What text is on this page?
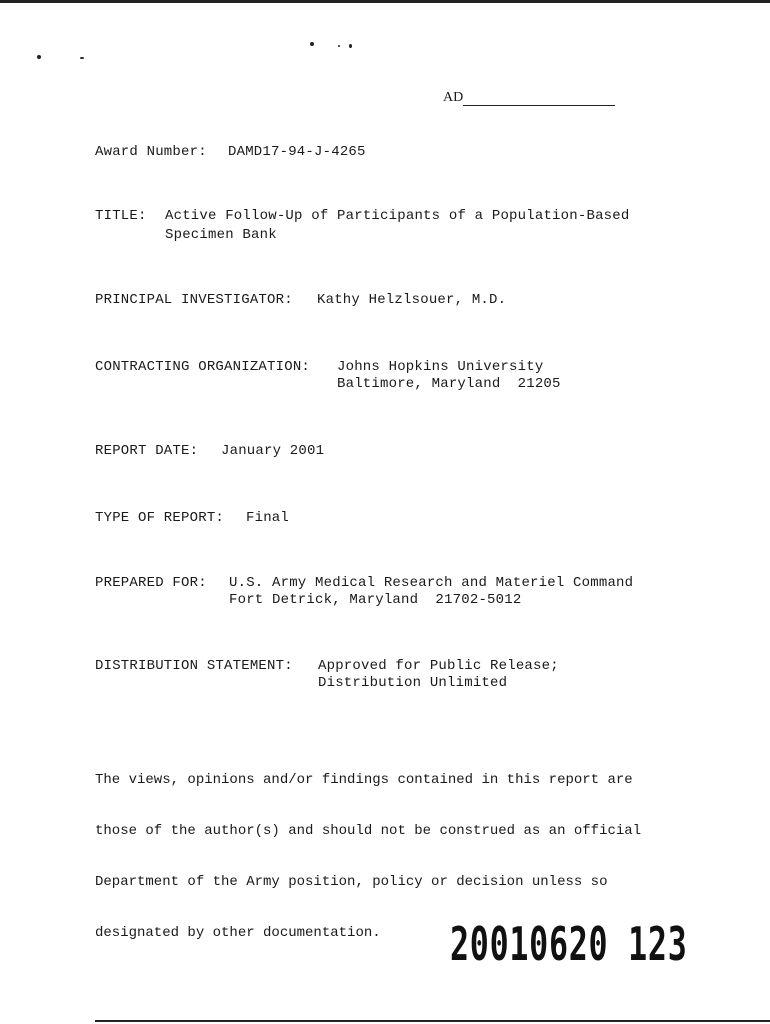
AD

Award Number:

DAMD17-94-J-4265

TITLE:

Active Follow-Up of Participants of a Population-Based

Specimen Bank

PRINCIPAL INVESTIGATOR:

Kathy Helzlsouer, M.D.

CONTRACTING ORGANIZATION:

Johns Hopkins University

Baltimore, Maryland  21205

REPORT DATE:

January 2001

TYPE OF REPORT:

Final

PREPARED FOR:

U.S. Army Medical Research and Materiel Command

Fort Detrick, Maryland  21702-5012

DISTRIBUTION STATEMENT:

Approved for Public Release;

Distribution Unlimited

The views, opinions and/or findings contained in this report are

those of the author(s) and should not be construed as an official

Department of the Army position, policy or decision unless so

designated by other documentation.

	20010620 123
